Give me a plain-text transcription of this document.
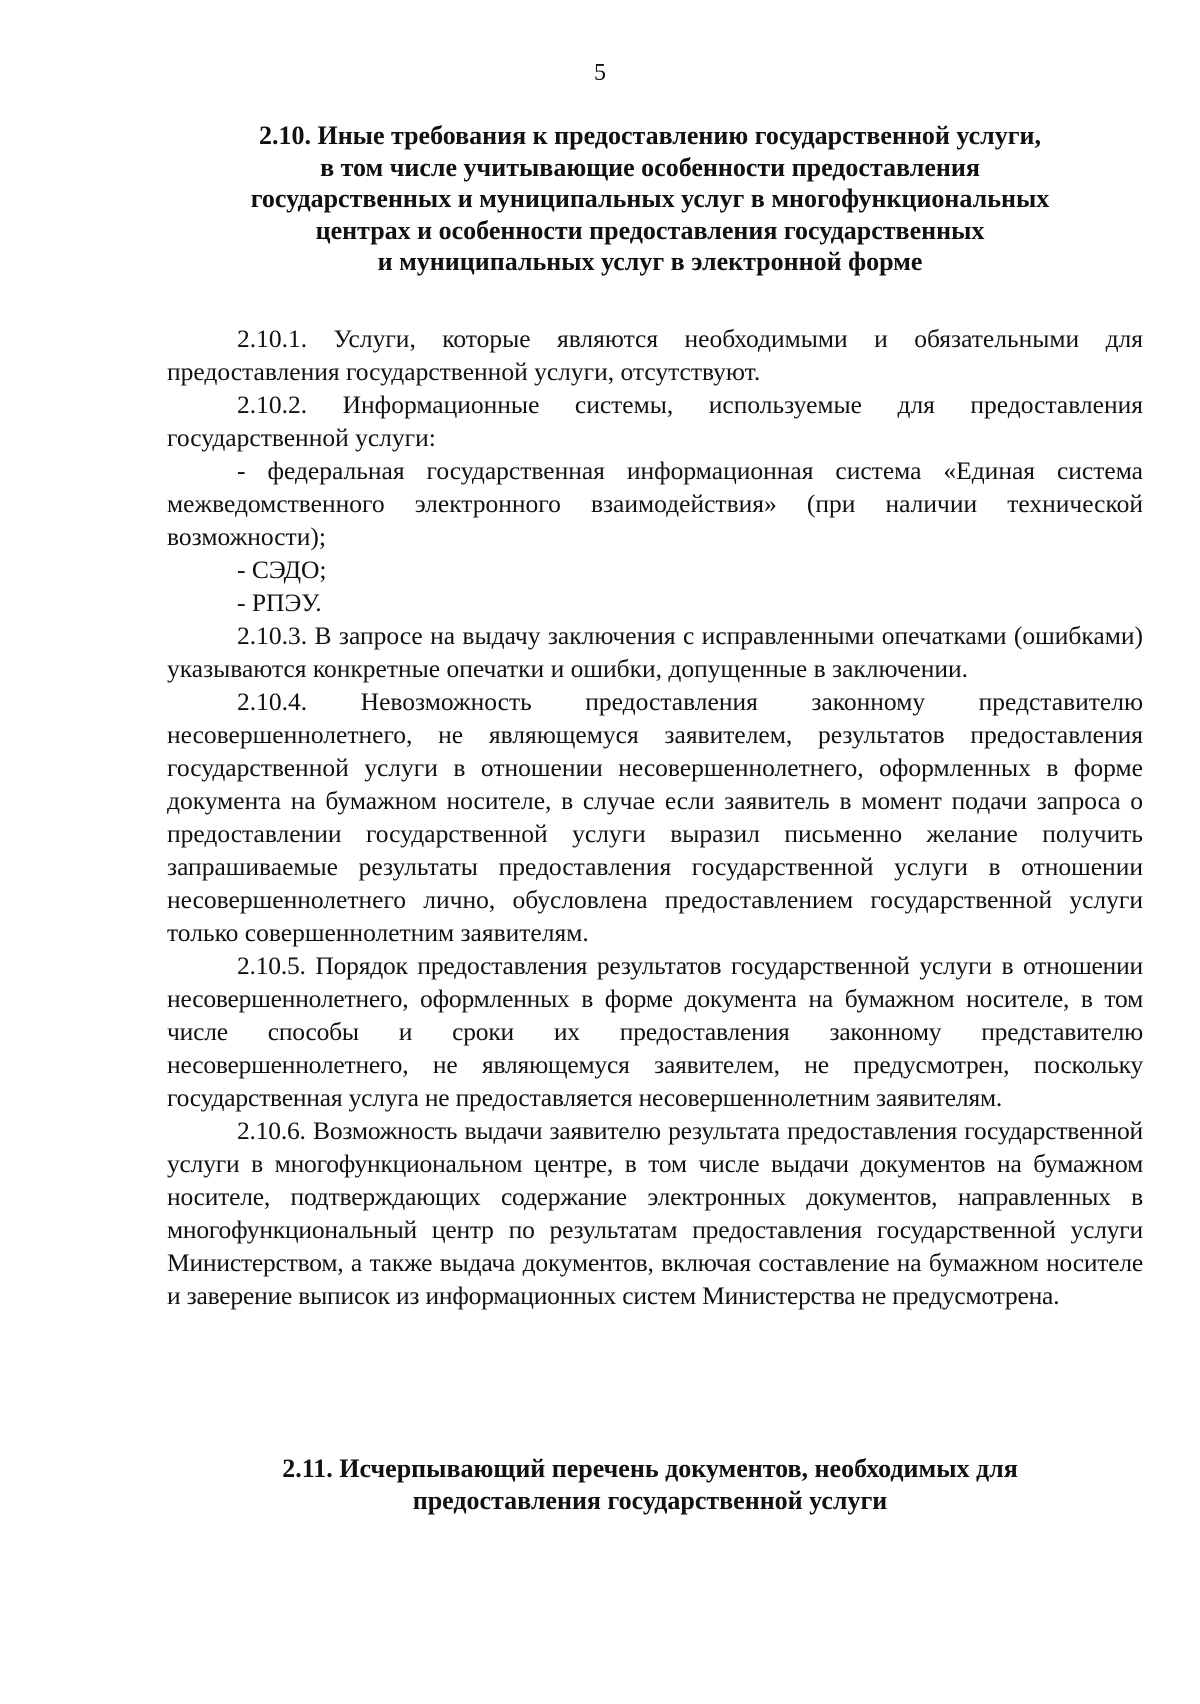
5
2.10. Иные требования к предоставлению государственной услуги,
в том числе учитывающие особенности предоставления
государственных и муниципальных услуг в многофункциональных
центрах и особенности предоставления государственных
и муниципальных услуг в электронной форме

2.10.1. Услуги, которые являются необходимыми и обязательными для предоставления государственной услуги, отсутствуют.

2.10.2. Информационные системы, используемые для предоставления государственной услуги:

- федеральная государственная информационная система «Единая система межведомственного электронного взаимодействия» (при наличии технической возможности);

- СЭДО;

- РПЭУ.

2.10.3. В запросе на выдачу заключения с исправленными опечатками (ошибками) указываются конкретные опечатки и ошибки, допущенные в заключении.

2.10.4. Невозможность предоставления законному представителю несовершеннолетнего, не являющемуся заявителем, результатов предоставления государственной услуги в отношении несовершеннолетнего, оформленных в форме документа на бумажном носителе, в случае если заявитель в момент подачи запроса о предоставлении государственной услуги выразил письменно желание получить запрашиваемые результаты предоставления государственной услуги в отношении несовершеннолетнего лично, обусловлена предоставлением государственной услуги только совершеннолетним заявителям.

2.10.5. Порядок предоставления результатов государственной услуги в отношении несовершеннолетнего, оформленных в форме документа на бумажном носителе, в том числе способы и сроки их предоставления законному представителю несовершеннолетнего, не являющемуся заявителем, не предусмотрен, поскольку государственная услуга не предоставляется несовершеннолетним заявителям.

2.10.6. Возможность выдачи заявителю результата предоставления государственной услуги в многофункциональном центре, в том числе выдачи документов на бумажном носителе, подтверждающих содержание электронных документов, направленных в многофункциональный центр по результатам предоставления государственной услуги Министерством, а также выдача документов, включая составление на бумажном носителе и заверение выписок из информационных систем Министерства не предусмотрена.

2.11. Исчерпывающий перечень документов, необходимых для
предоставления государственной услуги
